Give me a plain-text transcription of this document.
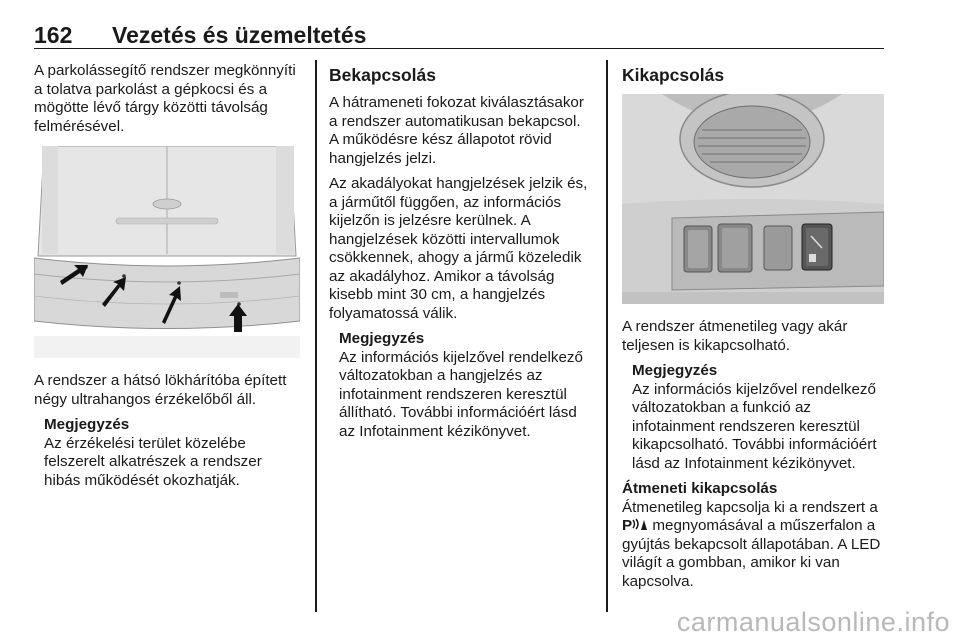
162 Vezetés és üzemeltetés

A parkolássegítő rendszer megkönnyíti a tolatva parkolást a gépkocsi és a mögötte lévő tárgy közötti távolság felmérésével.

A rendszer a hátsó lökhárítóba épített négy ultrahangos érzékelőből áll.

Megjegyzés

Az érzékelési terület közelébe felszerelt alkatrészek a rendszer hibás működését okozhatják.

Bekapcsolás

A hátrameneti fokozat kiválasztásakor a rendszer automatikusan bekapcsol. A működésre kész állapotot rövid hangjelzés jelzi.

Az akadályokat hangjelzések jelzik és, a járműtől függően, az információs kijelzőn is jelzésre kerülnek. A hangjelzések közötti intervallumok csökkennek, ahogy a jármű közeledik az akadályhoz. Amikor a távolság kisebb mint 30 cm, a hangjelzés folyamatossá válik.

Megjegyzés

Az információs kijelzővel rendelkező változatokban a hangjelzés az infotainment rendszeren keresztül állítható. További információért lásd az Infotainment kézikönyvet.

Kikapcsolás

A rendszer átmenetileg vagy akár teljesen is kikapcsolható.

Megjegyzés

Az információs kijelzővel rendelkező változatokban a funkció az infotainment rendszeren keresztül kikapcsolható. További információért lásd az Infotainment kézikönyvet.

Átmeneti kikapcsolás

Átmenetileg kapcsolja ki a rendszert a P megnyomásával a műszerfalon a gyújtás bekapcsolt állapotában. A LED világít a gombban, amikor ki van kapcsolva.

carmanualsonline.info
